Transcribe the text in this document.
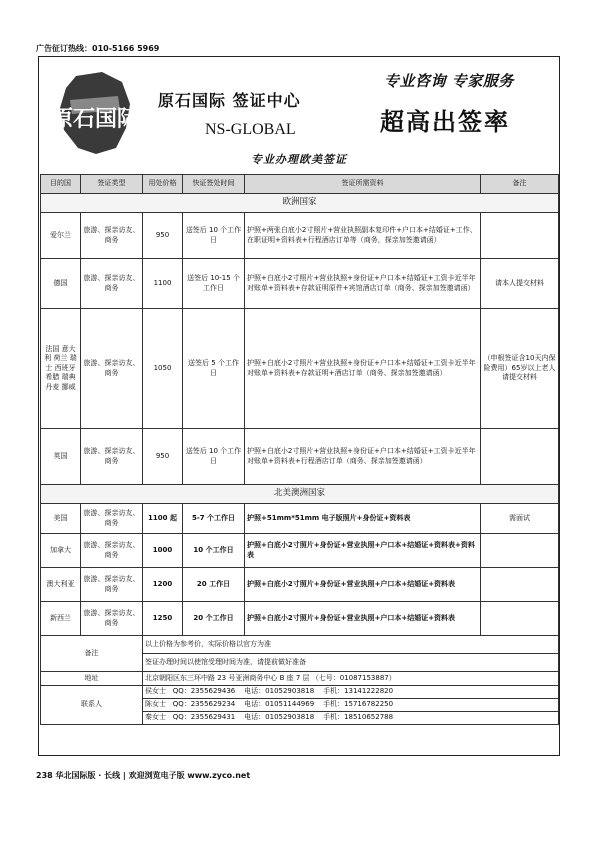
广告征订热线：010-5166 5969
原石国际
原石国际 签证中心
NS-GLOBAL
专业咨询 专家服务
超高出签率
专业办理欧美签证
目的国	签证类型	用处价格	快证签处时间	签证所需资料	备注
欧洲国家					
爱尔兰	旅游、探亲访友、商务	950	送签后 10 个工作日	护照+两张白底小2寸照片+营业执照副本复印件+户口本+结婚证+工作、在职证明+资料表+行程酒店订单等（商务，探亲加签邀请函）	
德国	旅游、探亲访友、商务	1100	送签后 10-15 个工作日	护照+白底小2寸照片+营业执照+身份证+户口本+结婚证+工资卡近半年对账单+资料表+存款证明原件+宾馆酒店订单（商务、探亲加签邀请函）	请本人提交材料
法国 意大利 荷兰 瑞士 西班牙 希腊 瑞典 丹麦 挪威	旅游、探亲访友、商务	1050	送签后 5 个工作日	护照+白底小2寸照片+营业执照+身份证+户口本+结婚证+工资卡近半年对账单+资料表+存款证明+酒店订单（商务、探亲加签邀请函）	（申根签证含10天内保险费用）65岁以上老人请提交材料
英国	旅游、探亲访友、商务	950	送签后 10 个工作日	护照+白底小2寸照片+营业执照+身份证+户口本+结婚证+工资卡近半年对账单+资料表+行程酒店订单（商务、探亲加签邀请函）	
北美澳洲国家					
美国	旅游、探亲访友、商务	1100 起	5-7 个工作日	护照+51mm*51mm 电子版照片+身份证+资料表	需面试
加拿大	旅游、探亲访友、商务	1000	10 个工作日	护照+白底小2寸照片+身份证+营业执照+户口本+结婚证+资料表+资料表	
澳大利亚	旅游、探亲访友、商务	1200	20 工作日	护照+白底小2寸照片+身份证+营业执照+户口本+结婚证+资料表	
新西兰	旅游、探亲访友、商务	1250	20 个工作日	护照+白底小2寸照片+身份证+营业执照+户口本+结婚证+资料表	
备注		以上价格为参考价，实际价格以官方为准			
		签证办理时间以使馆受理时间为准，请提前做好准备			
地址		北京朝阳区东三环中路 23 号亚洲商务中心 B 座 7 层 （七号：01087153887）			
联系人		侯女士 QQ：2355629436 电话：01052903818 手机：13141222820			
		陈女士 QQ：2355629234 电话：01051144969 手机：15716782250			
		秦女士 QQ：2355629431 电话：01052903818 手机：18510652788			
238 华北国际版 · 长线 | 欢迎浏览电子版 www.zyco.net
